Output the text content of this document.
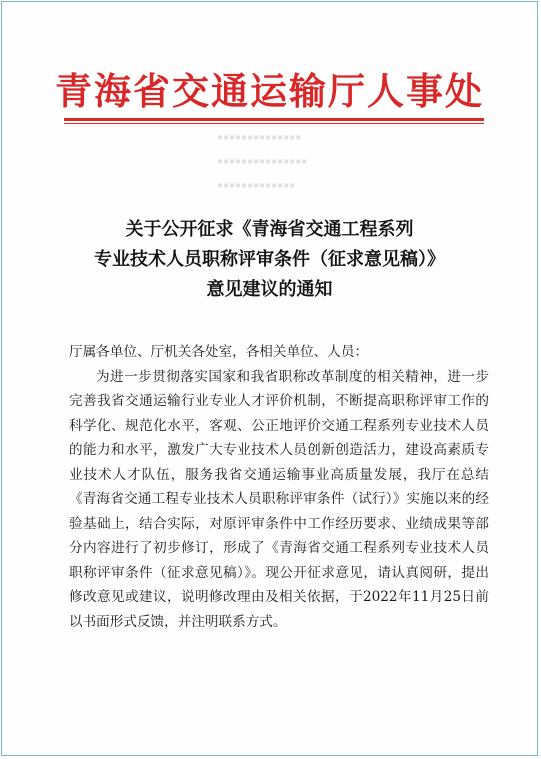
青海省交通运输厅人事处
▪▪▪▪▪▪▪▪▪▪▪▪▪▪
▪▪▪▪▪▪▪▪▪▪▪▪▪▪▪
▪▪▪▪▪▪▪▪▪▪▪▪▪
关于公开征求《青海省交通工程系列
专业技术人员职称评审条件（征求意见稿）》
意见建议的通知

厅属各单位、厅机关各处室，各相关单位、人员：

为进一步贯彻落实国家和我省职称改革制度的相关精神，进一步完善我省交通运输行业专业人才评价机制，不断提高职称评审工作的科学化、规范化水平，客观、公正地评价交通工程系列专业技术人员的能力和水平，激发广大专业技术人员创新创造活力，建设高素质专业技术人才队伍，服务我省交通运输事业高质量发展，我厅在总结《青海省交通工程专业技术人员职称评审条件（试行）》实施以来的经验基础上，结合实际，对原评审条件中工作经历要求、业绩成果等部分内容进行了初步修订，形成了《青海省交通工程系列专业技术人员职称评审条件（征求意见稿）》。现公开征求意见，请认真阅研，提出修改意见或建议，说明修改理由及相关依据，于2022年11月25日前以书面形式反馈，并注明联系方式。
